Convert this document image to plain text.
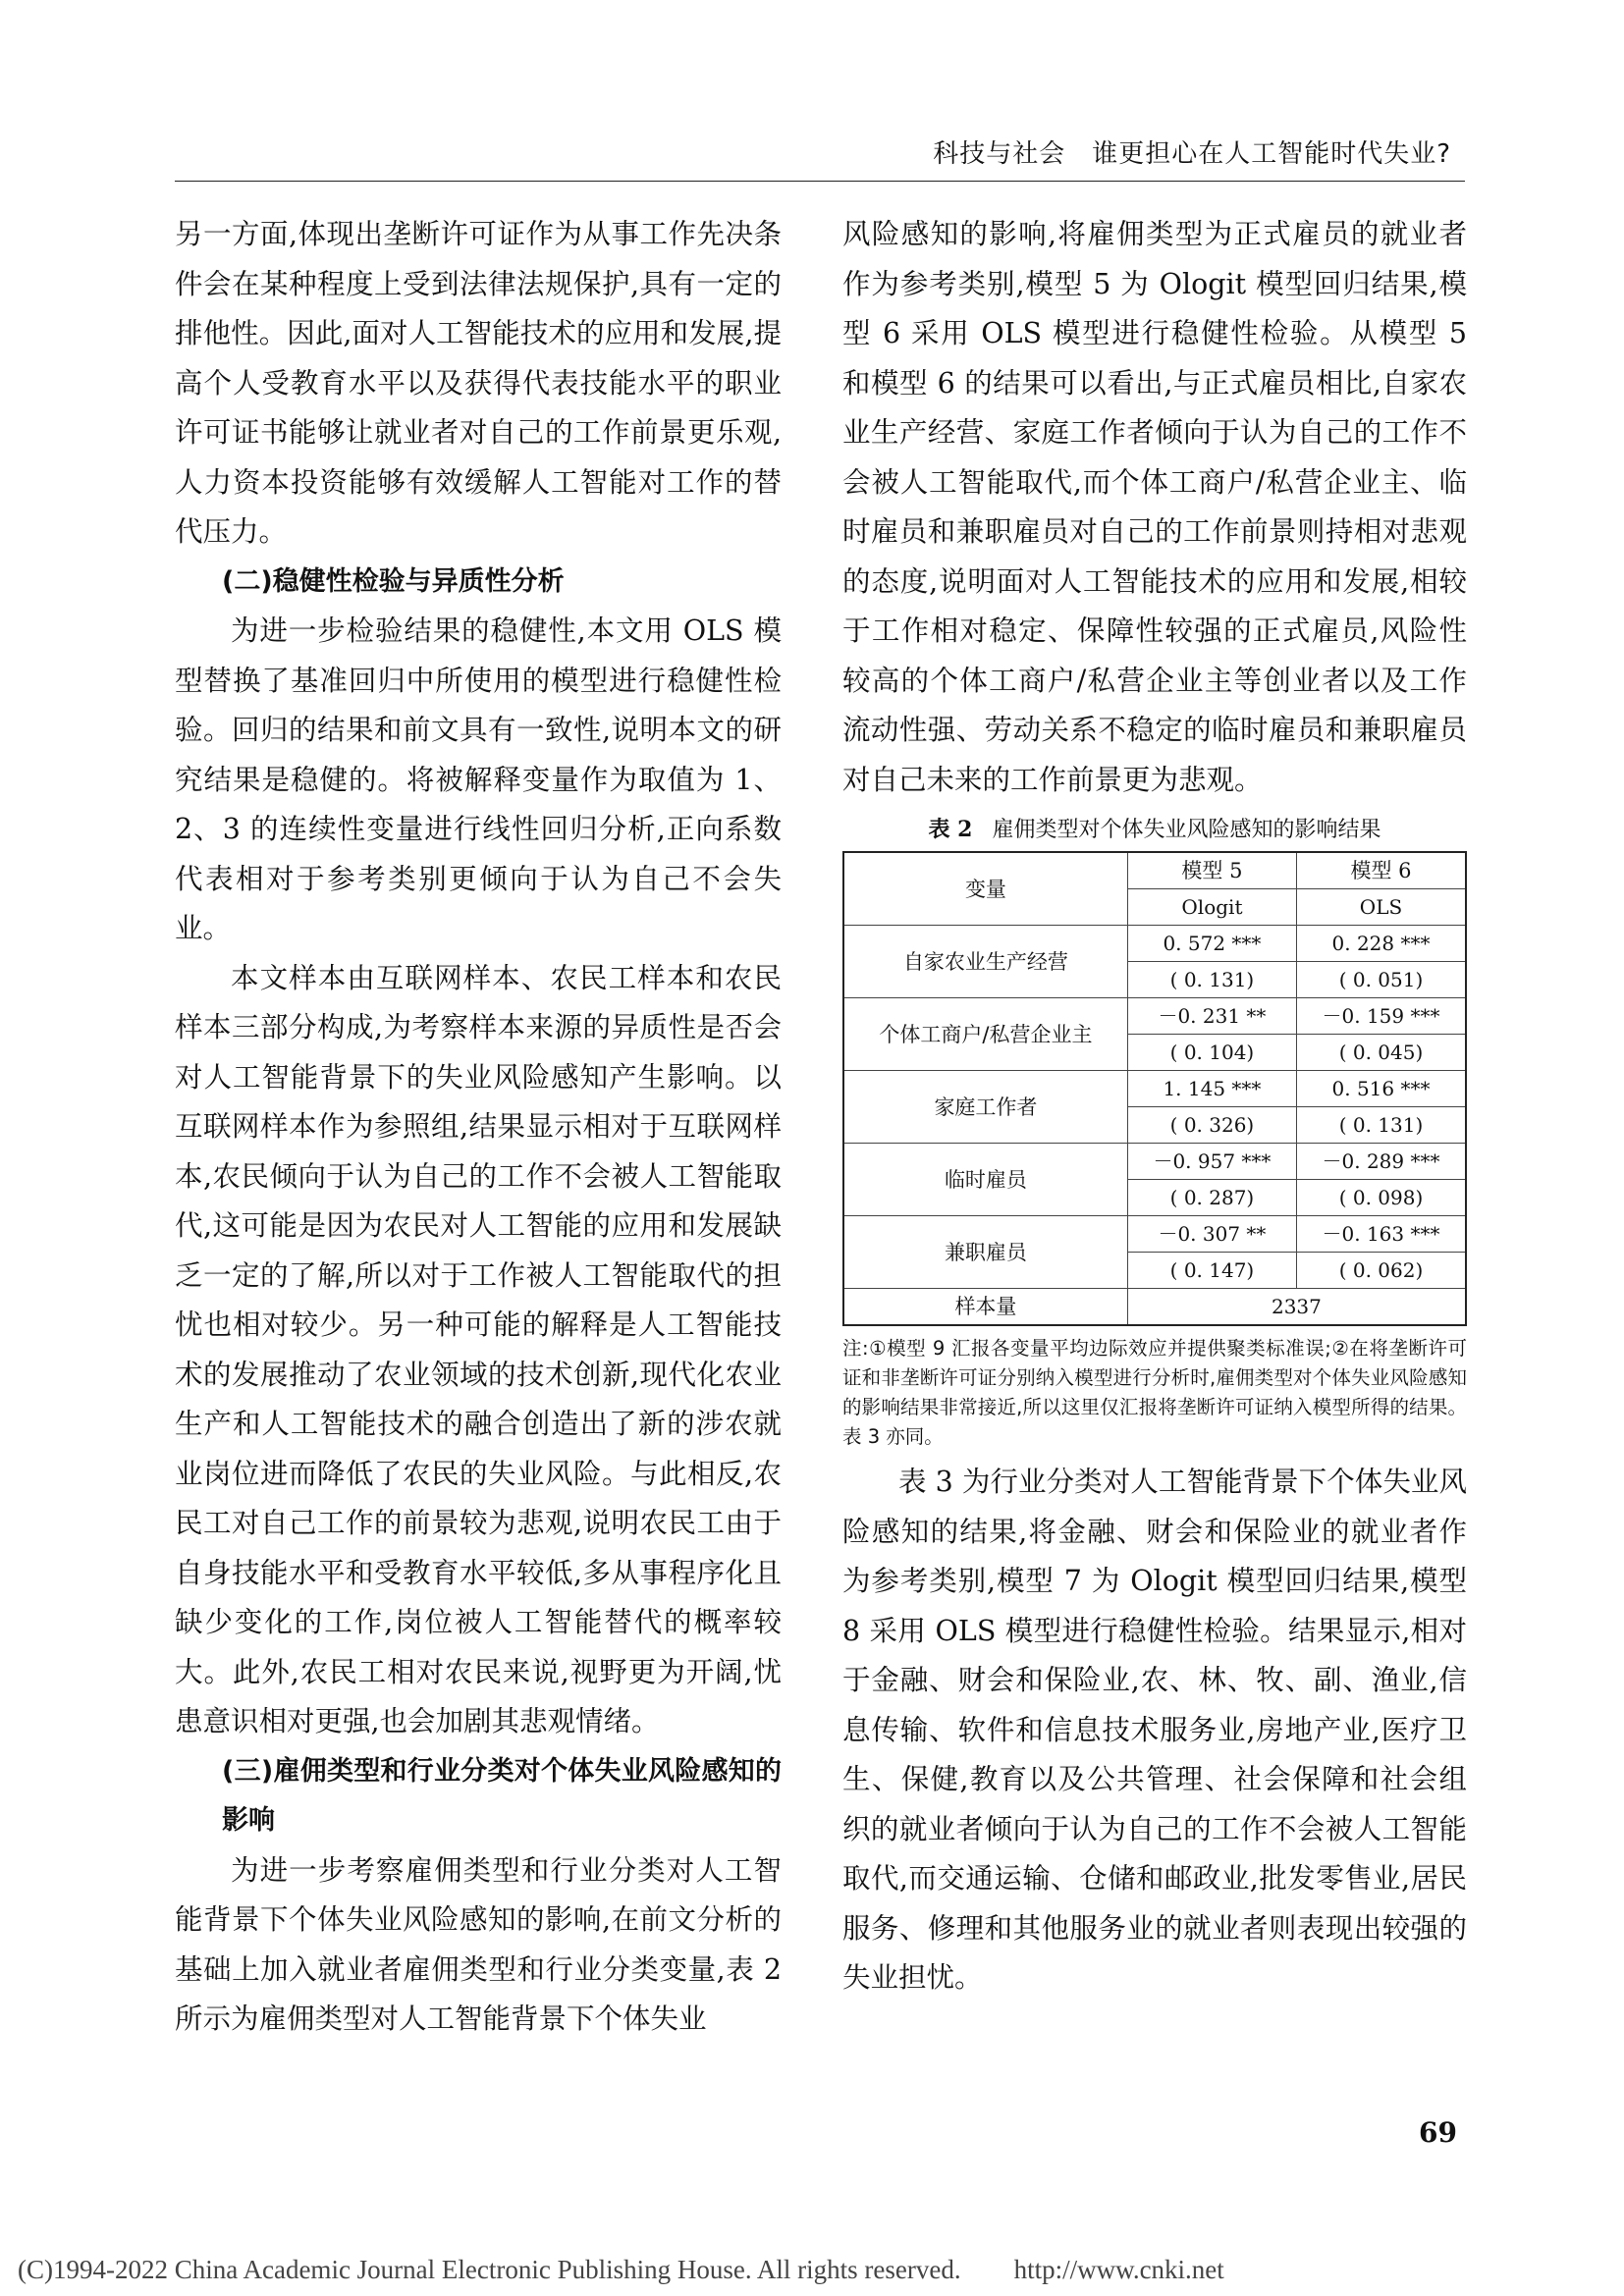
科技与社会　谁更担心在人工智能时代失业?

另一方面,体现出垄断许可证作为从事工作先决条件会在某种程度上受到法律法规保护,具有一定的排他性。因此,面对人工智能技术的应用和发展,提高个人受教育水平以及获得代表技能水平的职业许可证书能够让就业者对自己的工作前景更乐观,人力资本投资能够有效缓解人工智能对工作的替代压力。

(二)稳健性检验与异质性分析

为进一步检验结果的稳健性,本文用 OLS 模型替换了基准回归中所使用的模型进行稳健性检验。回归的结果和前文具有一致性,说明本文的研究结果是稳健的。将被解释变量作为取值为 1、2、3 的连续性变量进行线性回归分析,正向系数代表相对于参考类别更倾向于认为自己不会失业。

本文样本由互联网样本、农民工样本和农民样本三部分构成,为考察样本来源的异质性是否会对人工智能背景下的失业风险感知产生影响。以互联网样本作为参照组,结果显示相对于互联网样本,农民倾向于认为自己的工作不会被人工智能取代,这可能是因为农民对人工智能的应用和发展缺乏一定的了解,所以对于工作被人工智能取代的担忧也相对较少。另一种可能的解释是人工智能技术的发展推动了农业领域的技术创新,现代化农业生产和人工智能技术的融合创造出了新的涉农就业岗位进而降低了农民的失业风险。与此相反,农民工对自己工作的前景较为悲观,说明农民工由于自身技能水平和受教育水平较低,多从事程序化且缺少变化的工作,岗位被人工智能替代的概率较大。此外,农民工相对农民来说,视野更为开阔,忧患意识相对更强,也会加剧其悲观情绪。

(三)雇佣类型和行业分类对个体失业风险感知的影响

为进一步考察雇佣类型和行业分类对人工智能背景下个体失业风险感知的影响,在前文分析的基础上加入就业者雇佣类型和行业分类变量,表 2 所示为雇佣类型对人工智能背景下个体失业

风险感知的影响,将雇佣类型为正式雇员的就业者作为参考类别,模型 5 为 Ologit 模型回归结果,模型 6 采用 OLS 模型进行稳健性检验。从模型 5 和模型 6 的结果可以看出,与正式雇员相比,自家农业生产经营、家庭工作者倾向于认为自己的工作不会被人工智能取代,而个体工商户/私营企业主、临时雇员和兼职雇员对自己的工作前景则持相对悲观的态度,说明面对人工智能技术的应用和发展,相较于工作相对稳定、保障性较强的正式雇员,风险性较高的个体工商户/私营企业主等创业者以及工作流动性强、劳动关系不稳定的临时雇员和兼职雇员对自己未来的工作前景更为悲观。

表 2 雇佣类型对个体失业风险感知的影响结果
变量	模型 5	模型 6
	Ologit	OLS
自家农业生产经营	0. 572 ***	0. 228 ***
	( 0. 131)	( 0. 051)
个体工商户/私营企业主	－0. 231 **	－0. 159 ***
	( 0. 104)	( 0. 045)
家庭工作者	1. 145 ***	0. 516 ***
	( 0. 326)	( 0. 131)
临时雇员	－0. 957 ***	－0. 289 ***
	( 0. 287)	( 0. 098)
兼职雇员	－0. 307 **	－0. 163 ***
	( 0. 147)	( 0. 062)
样本量	2337	
注:①模型 9 汇报各变量平均边际效应并提供聚类标准误;②在将垄断许可证和非垄断许可证分别纳入模型进行分析时,雇佣类型对个体失业风险感知的影响结果非常接近,所以这里仅汇报将垄断许可证纳入模型所得的结果。表 3 亦同。

表 3 为行业分类对人工智能背景下个体失业风险感知的结果,将金融、财会和保险业的就业者作为参考类别,模型 7 为 Ologit 模型回归结果,模型 8 采用 OLS 模型进行稳健性检验。结果显示,相对于金融、财会和保险业,农、林、牧、副、渔业,信息传输、软件和信息技术服务业,房地产业,医疗卫生、保健,教育以及公共管理、社会保障和社会组织的就业者倾向于认为自己的工作不会被人工智能取代,而交通运输、仓储和邮政业,批发零售业,居民服务、修理和其他服务业的就业者则表现出较强的失业担忧。

69
(C)1994-2022 China Academic Journal Electronic Publishing House. All rights reserved.　　http://www.cnki.net
